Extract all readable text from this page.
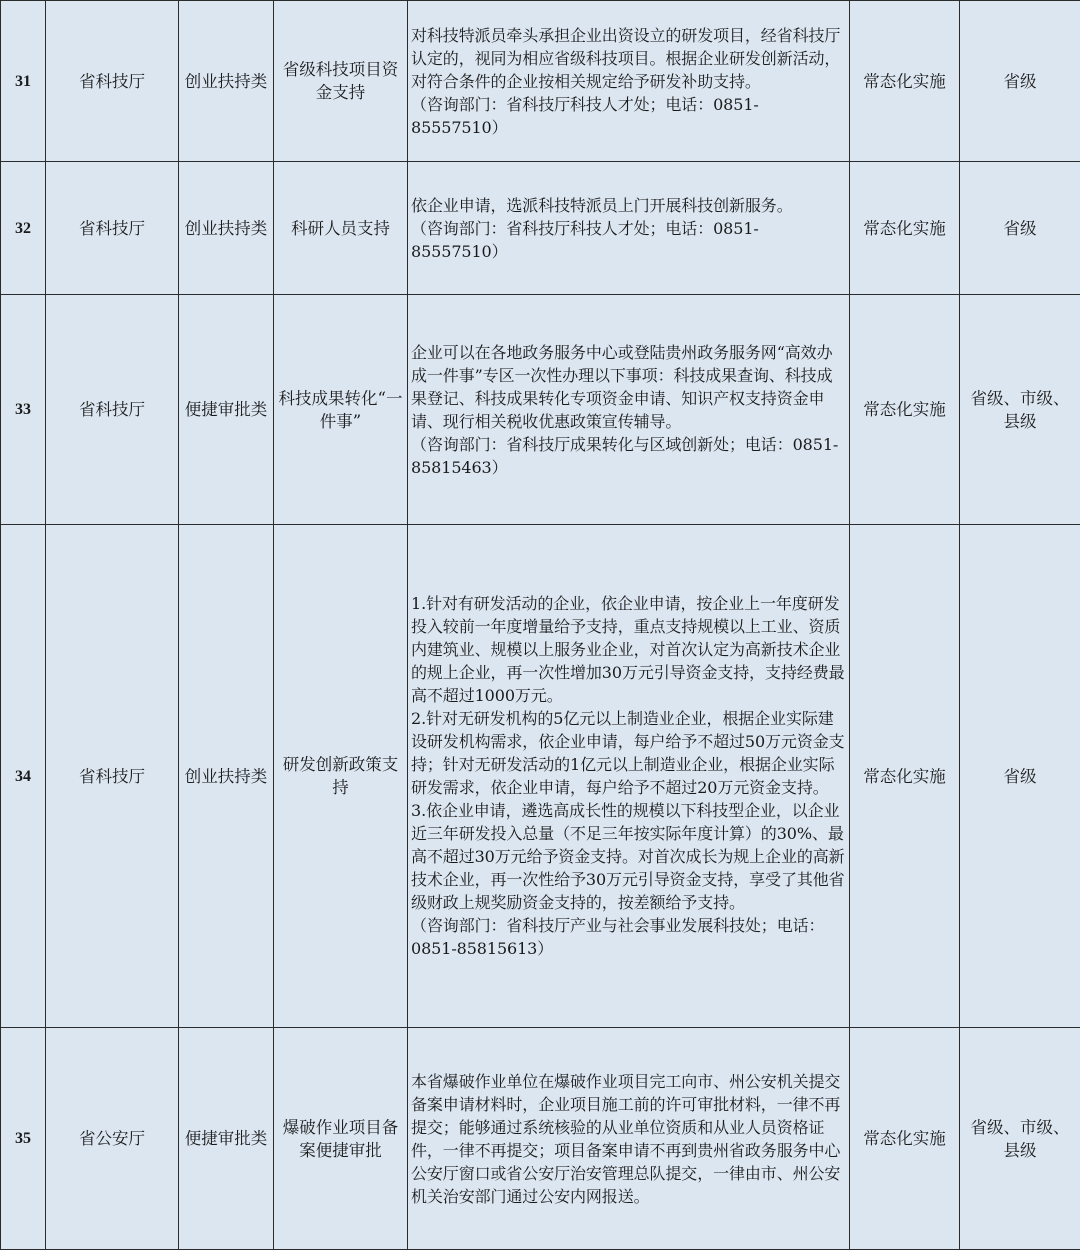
31	省科技厅	创业扶持类	省级科技项目资金支持	对科技特派员牵头承担企业出资设立的研发项目，经省科技厅认定的，视同为相应省级科技项目。根据企业研发创新活动，对符合条件的企业按相关规定给予研发补助支持。
（咨询部门：省科技厅科技人才处；电话：0851-85557510）	常态化实施	省级
32	省科技厅	创业扶持类	科研人员支持	依企业申请，选派科技特派员上门开展科技创新服务。
（咨询部门：省科技厅科技人才处；电话：0851-85557510）	常态化实施	省级
33	省科技厅	便捷审批类	科技成果转化“一件事”	企业可以在各地政务服务中心或登陆贵州政务服务网“高效办成一件事”专区一次性办理以下事项：科技成果查询、科技成果登记、科技成果转化专项资金申请、知识产权支持资金申请、现行相关税收优惠政策宣传辅导。
（咨询部门：省科技厅成果转化与区域创新处；电话：0851-85815463）	常态化实施	省级、市级、县级
34	省科技厅	创业扶持类	研发创新政策支持	1.针对有研发活动的企业，依企业申请，按企业上一年度研发投入较前一年度增量给予支持，重点支持规模以上工业、资质内建筑业、规模以上服务业企业，对首次认定为高新技术企业的规上企业，再一次性增加30万元引导资金支持，支持经费最高不超过1000万元。
2.针对无研发机构的5亿元以上制造业企业，根据企业实际建设研发机构需求，依企业申请，每户给予不超过50万元资金支持；针对无研发活动的1亿元以上制造业企业，根据企业实际研发需求，依企业申请，每户给予不超过20万元资金支持。
3.依企业申请，遴选高成长性的规模以下科技型企业，以企业近三年研发投入总量（不足三年按实际年度计算）的30%、最高不超过30万元给予资金支持。对首次成长为规上企业的高新技术企业，再一次性给予30万元引导资金支持，享受了其他省级财政上规奖励资金支持的，按差额给予支持。
（咨询部门：省科技厅产业与社会事业发展科技处；电话：0851-85815613）	常态化实施	省级
35	省公安厅	便捷审批类	爆破作业项目备案便捷审批	本省爆破作业单位在爆破作业项目完工向市、州公安机关提交备案申请材料时，企业项目施工前的许可审批材料，一律不再提交；能够通过系统核验的从业单位资质和从业人员资格证件，一律不再提交；项目备案申请不再到贵州省政务服务中心公安厅窗口或省公安厅治安管理总队提交，一律由市、州公安机关治安部门通过公安内网报送。	常态化实施	省级、市级、县级
